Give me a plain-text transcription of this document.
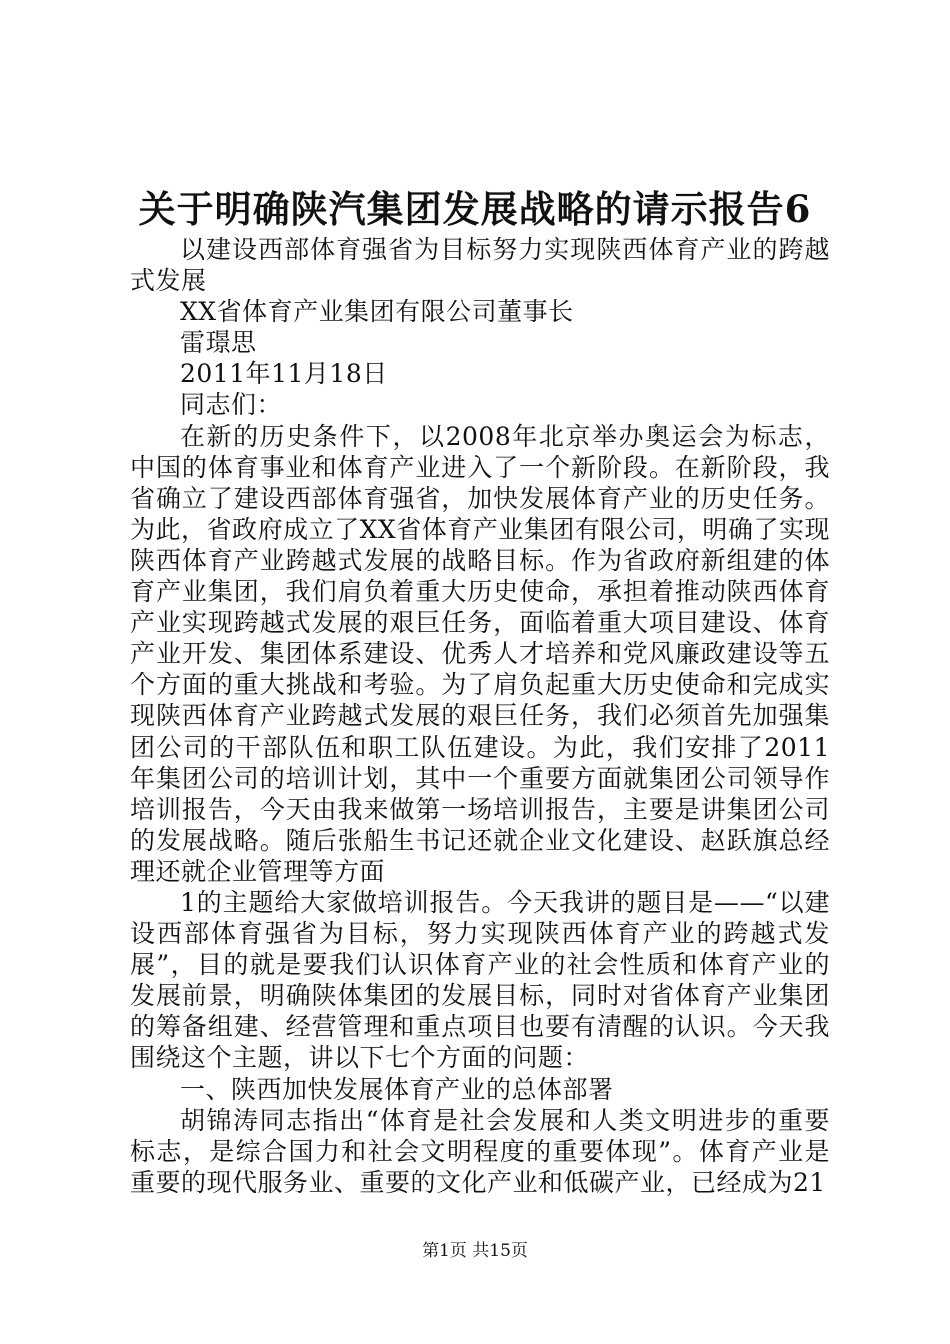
关于明确陕汽集团发展战略的请示报告6

以建设西部体育强省为目标努力实现陕西体育产业的跨越式发展

XX省体育产业集团有限公司董事长

雷璟思

2011年11月18日

同志们：

在新的历史条件下，以2008年北京举办奥运会为标志，中国的体育事业和体育产业进入了一个新阶段。在新阶段，我省确立了建设西部体育强省，加快发展体育产业的历史任务。为此，省政府成立了XX省体育产业集团有限公司，明确了实现陕西体育产业跨越式发展的战略目标。作为省政府新组建的体育产业集团，我们肩负着重大历史使命，承担着推动陕西体育产业实现跨越式发展的艰巨任务，面临着重大项目建设、体育产业开发、集团体系建设、优秀人才培养和党风廉政建设等五个方面的重大挑战和考验。为了肩负起重大历史使命和完成实现陕西体育产业跨越式发展的艰巨任务，我们必须首先加强集团公司的干部队伍和职工队伍建设。为此，我们安排了2011年集团公司的培训计划，其中一个重要方面就集团公司领导作培训报告，今天由我来做第一场培训报告，主要是讲集团公司的发展战略。随后张船生书记还就企业文化建设、赵跃旗总经理还就企业管理等方面

1的主题给大家做培训报告。今天我讲的题目是——“以建设西部体育强省为目标，努力实现陕西体育产业的跨越式发展”，目的就是要我们认识体育产业的社会性质和体育产业的发展前景，明确陕体集团的发展目标，同时对省体育产业集团的筹备组建、经营管理和重点项目也要有清醒的认识。今天我围绕这个主题，讲以下七个方面的问题：

一、陕西加快发展体育产业的总体部署

胡锦涛同志指出“体育是社会发展和人类文明进步的重要标志，是综合国力和社会文明程度的重要体现”。体育产业是重要的现代服务业、重要的文化产业和低碳产业，已经成为21

第1页 共15页
